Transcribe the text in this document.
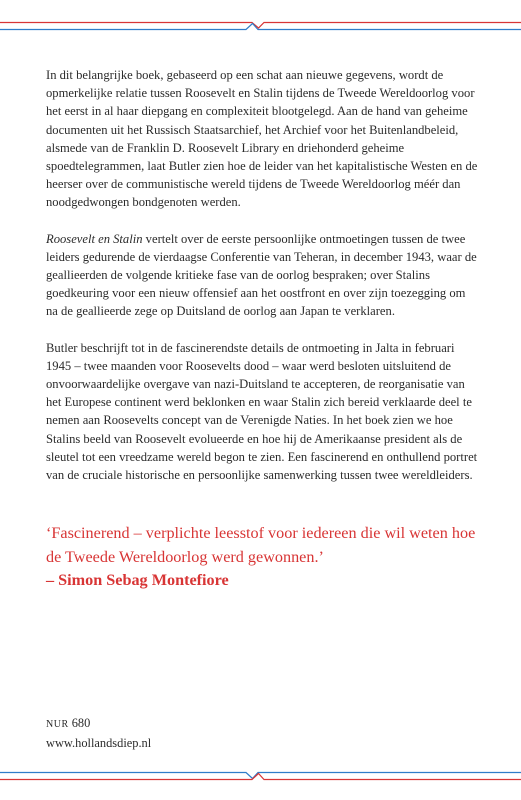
In dit belangrijke boek, gebaseerd op een schat aan nieuwe gegevens, wordt de opmerkelijke relatie tussen Roosevelt en Stalin tijdens de Tweede Wereldoorlog voor het eerst in al haar diepgang en complexiteit blootgelegd. Aan de hand van geheime documenten uit het Russisch Staatsarchief, het Archief voor het Buitenlandbeleid, alsmede van de Franklin D. Roosevelt Library en driehonderd geheime spoedtelegrammen, laat Butler zien hoe de leider van het kapitalistische Westen en de heerser over de communistische wereld tijdens de Tweede Wereldoorlog méér dan noodgedwongen bondgenoten werden.

Roosevelt en Stalin vertelt over de eerste persoonlijke ontmoetingen tussen de twee leiders gedurende de vierdaagse Conferentie van Teheran, in december 1943, waar de geallieerden de volgende kritieke fase van de oorlog bespraken; over Stalins goedkeuring voor een nieuw offensief aan het oostfront en over zijn toezegging om na de geallieerde zege op Duitsland de oorlog aan Japan te verklaren.

Butler beschrijft tot in de fascinerendste details de ontmoeting in Jalta in februari 1945 – twee maanden voor Roosevelts dood – waar werd besloten uitsluitend de onvoorwaardelijke overgave van nazi-Duitsland te accepteren, de reorganisatie van het Europese continent werd beklonken en waar Stalin zich bereid verklaarde deel te nemen aan Roosevelts concept van de Verenigde Naties. In het boek zien we hoe Stalins beeld van Roosevelt evolueerde en hoe hij de Amerikaanse president als de sleutel tot een vreedzame wereld begon te zien. Een fascinerend en onthullend portret van de cruciale historische en persoonlijke samenwerking tussen twee wereldleiders.

‘Fascinerend – verplichte leesstof voor iedereen die wil weten hoe de Tweede Wereldoorlog werd gewonnen.’
– Simon Sebag Montefiore
NUR 680
www.hollandsdiep.nl
